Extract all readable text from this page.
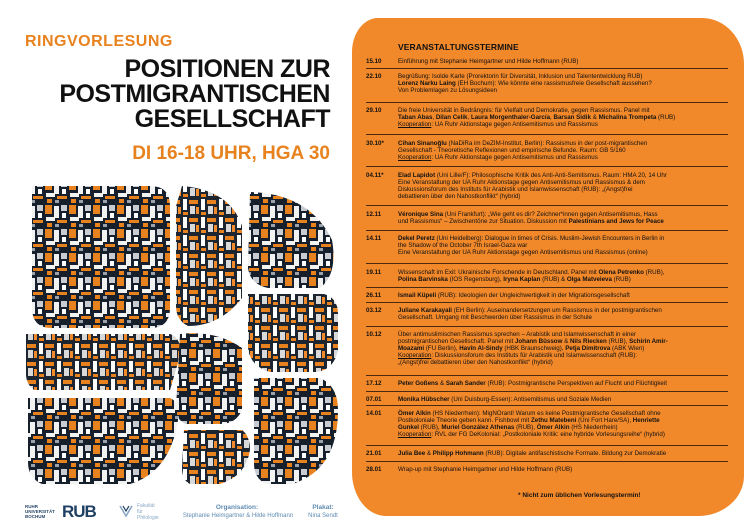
RINGVORLESUNG
POSITIONEN ZUR
POSTMIGRANTISCHEN
GESELLSCHAFT
DI 16-18 UHR, HGA 30
RUHR UNIVERSITÄT BOCHUM RUB	Fakultät für Philologie
Organisation:
Stephanie Heimgartner & Hilde Hoffmann
Plakat:
Nina Sendt
VERANSTALTUNGSTERMINE
15.10	Einführung mit Stephanie Heimgartner und Hilde Hoffmann (RUB)
22.10	Begrüßung: Isolde Karle (Prorektorin für Diversität, Inklusion und Talententwicklung RUB)
Lorenz Narku Laing (EH Bochum): Wie könnte eine rassismusfreie Gesellschaft aussehen?
Von Problemlagen zu Lösungsideen
29.10	Die freie Universität in Bedrängnis: für Vielfalt und Demokratie, gegen Rassismus. Panel mit
Taban Abas, Dilan Celik, Laura Morgenthaler-García, Barsan Sidik & Michalina Trompeta (RUB)
Kooperation: UA Ruhr Aktionstage gegen Antisemitismus und Rassismus
30.10*	Cihan Sinanoğlu (NaDiRa im DeZIM-Institut, Berlin): Rassismus in der post-migrantischen
Gesellschaft - Theoretische Reflexionen und empirische Befunde. Raum: GB 5/160
Kooperation: UA Ruhr Aktionstage gegen Antisemitismus und Rassismus
04.11*	Elad Lapidot (Uni Lille/F): Philosophische Kritik des Anti-Anti-Semitismus. Raum: HMA 20, 14 Uhr
Eine Veranstaltung der UA Ruhr Aktionstage gegen Antisemitismus und Rassismus & dem
Diskussionsforum des Instituts für Arabistik und Islamwissenschaft (RUB): „(Angst)frei
debattieren über den Nahostkonflikt“ (hybrid)
12.11	Véronique Sina (Uni Frankfurt): „Wie geht es dir? Zeichner*innen gegen Antisemitismus, Hass
und Rassismus“ – Zwischentöne zur Situation. Diskussion mit Palestinians and Jews for Peace
14.11	Dekel Peretz (Uni Heidelberg): Dialogue in times of Crisis. Muslim-Jewish Encounters in Berlin in
the Shadow of the October 7th Israel-Gaza war
Eine Veranstaltung der UA Ruhr Aktionstage gegen Antisemitismus und Rassismus (online)
19.11	Wissenschaft im Exil: Ukrainische Forschende in Deutschland. Panel mit Olena Petrenko (RUB),
Polina Barvinska (IOS Regensburg), Iryna Kaplan (RUB) & Olga Matveieva (RUB)
26.11	Ismail Küpeli (RUB): Ideologien der Ungleichwertigkeit in der Migrationsgesellschaft
03.12	Juliane Karakayali (EH Berlin): Auseinandersetzungen um Rassismus in der postmigrantischen
Gesellschaft. Umgang mit Beschwerden über Rassismus in der Schule
10.12	Über antimuslimischen Rassismus sprechen – Arabistik und Islamwissenschaft in einer
postmigrantischen Gesellschaft. Panel mit Johann Büssow & Nils Riecken (RUB), Schirin Amir-
Moazami (FU Berlin), Havîn Al-Sindy (HBK Braunschweig), Petja Dimitrova (ABK Wien)
Kooperation: Diskussionsforum des Instituts für Arabistik und Islamwissenschaft (RUB):
„(Angst)frei debattieren über den Nahostkonflikt“ (hybrid)
17.12	Peter Goßens & Sarah Sander (RUB): Postmigrantische Perspektiven auf Flucht und Flüchtigkeit
07.01	Monika Hübscher (Uni Duisburg-Essen): Antisemitismus und Soziale Medien
14.01	Ömer Alkin (HS Niederrhein): MigNOrant! Warum es keine Postmigrantische Gesellschaft ohne
Postkoloniale Theorie geben kann. Fishbowl mit Zethu Matebeni (Uni Fort Hare/SA), Henriette
Gunkel (RUB), Muriel González Athenas (RUB), Ömer Alkin (HS Niederrhein)
Kooperation: RVL der FG DeKolonial: „Postkoloniale Kritik: eine hybride Vorlesungsreihe“ (hybrid)
21.01	Julia Bee & Philipp Hohmann (RUB): Digitale antifaschistische Formate. Bildung zur Demokratie
28.01	Wrap-up mit Stephanie Heimgartner und Hilde Hoffmann (RUB)
* Nicht zum üblichen Vorlesungstermin!
